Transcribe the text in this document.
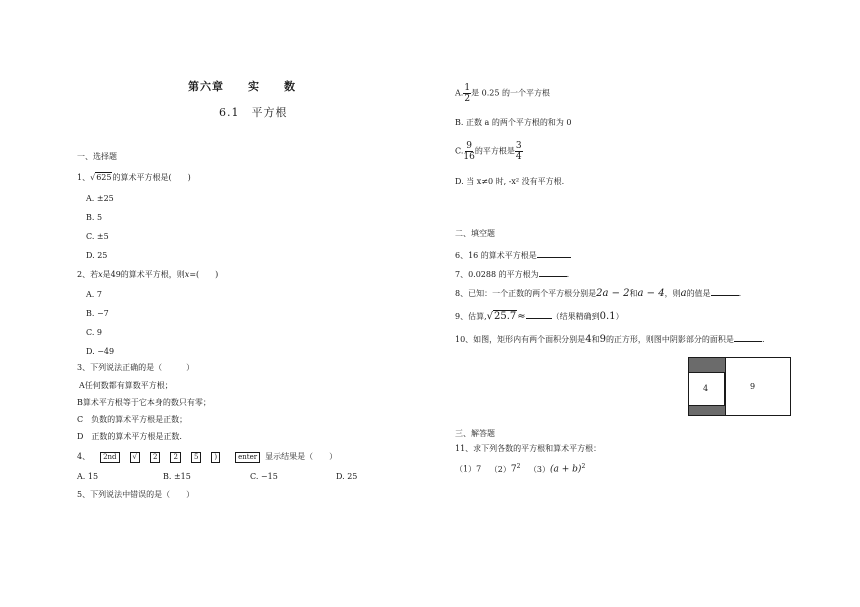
第六章　　实　　数
6.1　平方根
一、选择题
1、√625的算术平方根是(　　)
A. ±25
B. 5
C. ±5
D. 25
2、若x是49的算术平方根，则x=(　　)
A. 7
B. −7
C. 9
D. −49
3、下列说法正确的是（　　　）
A任何数都有算数平方根；
B算术平方根等于它本身的数只有零；
C　负数的算术平方根是正数；
D　正数的算术平方根是正数.
4、 2nd √ 2 2 5 )	enter 显示结果是（　　）
A. 15	B. ±15	C. −15	D. 25
5、下列说法中错误的是（　　）
A. $\frac{1}{2}$ 是 0.25 的一个平方根
B. 正数 a 的两个平方根的和为 0
C. $\frac{9}{16}$ 的平方根是 $\frac{3}{4}$
D. 当 x≠0 时, -x² 没有平方根.
二、填空题
6、16 的算术平方根是
7、0.0288 的平方根为	.
8、已知：一个正数的两个平方根分别是2a − 2和a − 4，则a的值是	.
9、估算,√25.7≈	（结果精确到0.1）
10、如图，矩形内有两个面积分别是4和9的正方形，则图中阴影部分的面积是	.
4	9
三、解答题
11、求下列各数的平方根和算术平方根：
（1）7 $(2)7^2$ $(3)(a + b)^2$
